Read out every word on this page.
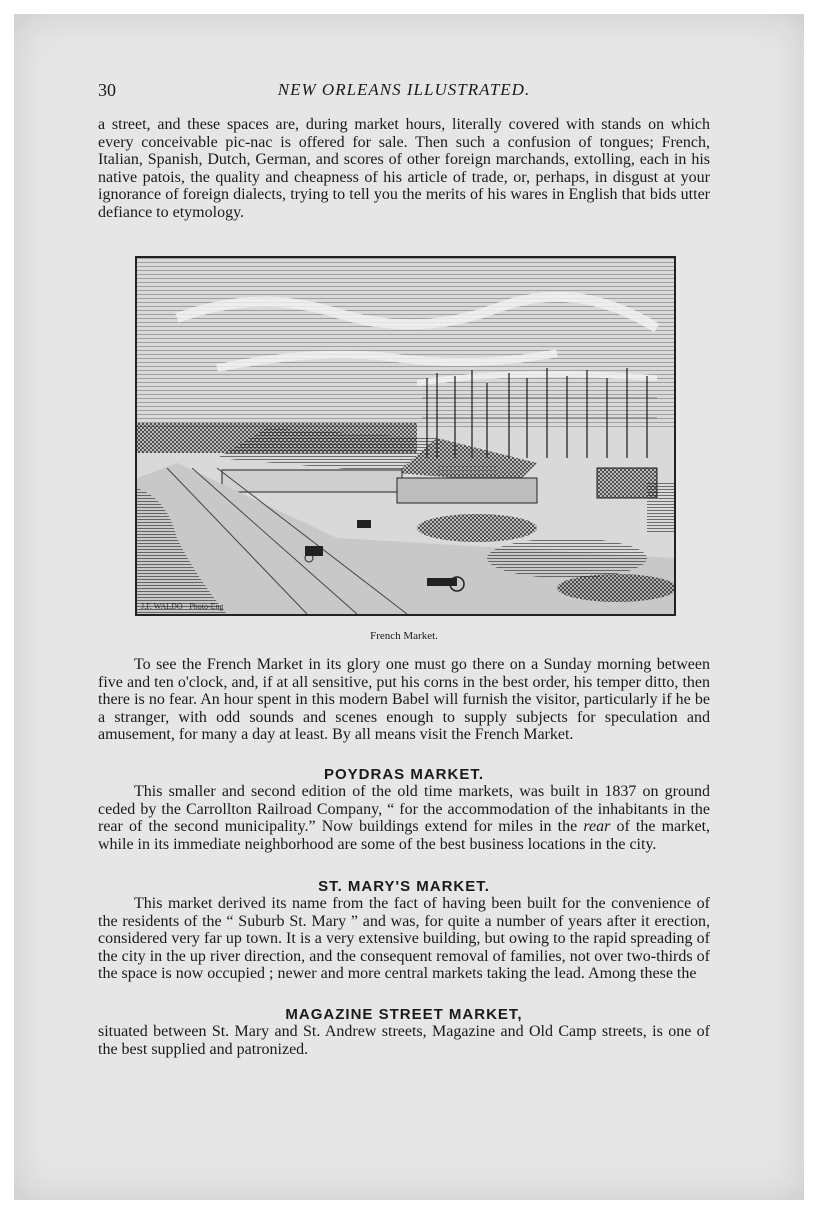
30	NEW ORLEANS ILLUSTRATED.

a street, and these spaces are, during market hours, literally covered with stands on which every conceivable pic-nac is offered for sale. Then such a confusion of tongues; French, Italian, Spanish, Dutch, German, and scores of other foreign marchands, extolling, each in his native patois, the quality and cheapness of his article of trade, or, perhaps, in disgust at your ignorance of foreign dialects, trying to tell you the merits of his wares in English that bids utter defiance to etymology.

J.F. WALDO · Photo-Eng
French Market.

To see the French Market in its glory one must go there on a Sunday morning between five and ten o'clock, and, if at all sensitive, put his corns in the best order, his temper ditto, then there is no fear. An hour spent in this modern Babel will furnish the visitor, particularly if he be a stranger, with odd sounds and scenes enough to supply subjects for speculation and amusement, for many a day at least. By all means visit the French Market.

POYDRAS MARKET.

This smaller and second edition of the old time markets, was built in 1837 on ground ceded by the Carrollton Railroad Company, “ for the accommodation of the inhabitants in the rear of the second municipality.” Now buildings extend for miles in the rear of the market, while in its immediate neighborhood are some of the best business locations in the city.

ST. MARY'S MARKET.

This market derived its name from the fact of having been built for the convenience of the residents of the “ Suburb St. Mary ” and was, for quite a number of years after it erection, considered very far up town. It is a very extensive building, but owing to the rapid spreading of the city in the up river direction, and the consequent removal of families, not over two-thirds of the space is now occupied ; newer and more central markets taking the lead. Among these the

MAGAZINE STREET MARKET,

situated between St. Mary and St. Andrew streets, Magazine and Old Camp streets, is one of the best supplied and patronized.
